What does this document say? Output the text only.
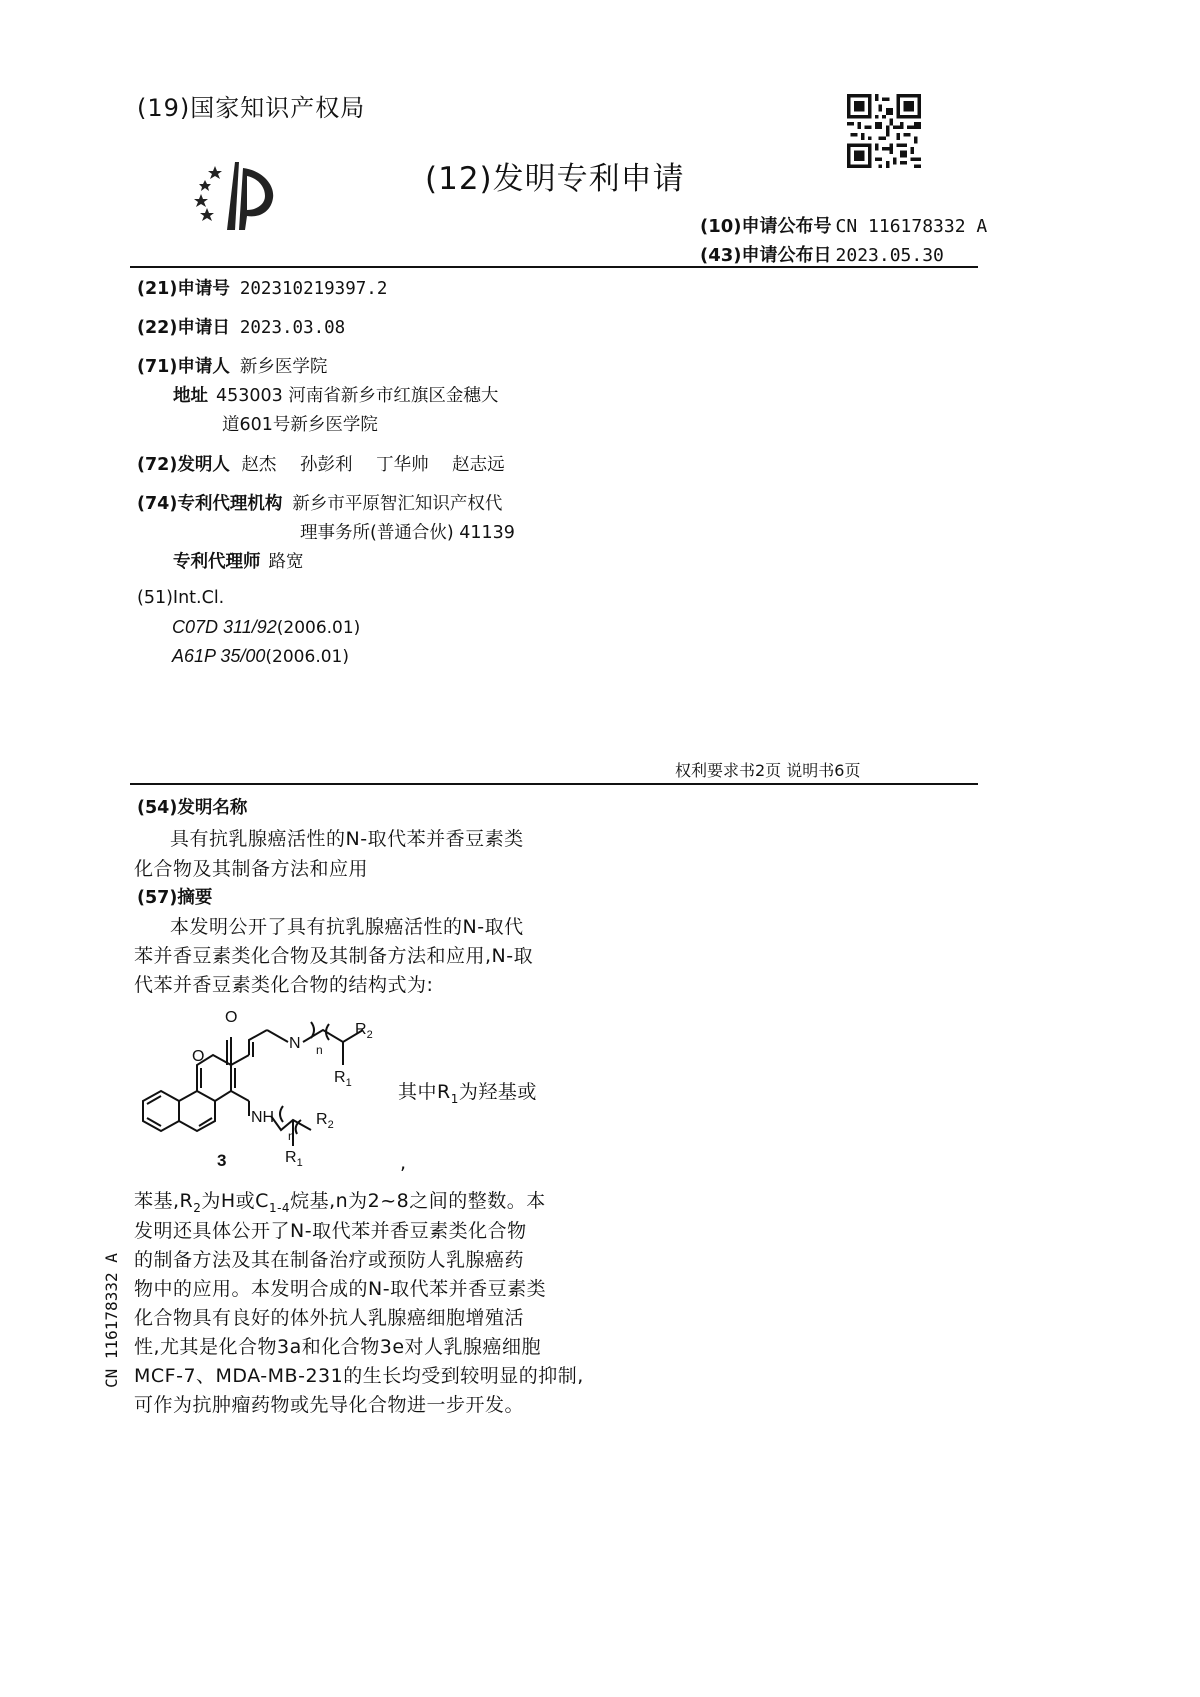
(19)国家知识产权局
(12)发明专利申请
(10)申请公布号 CN 116178332 A
(43)申请公布日 2023.05.30
(21)申请号 202310219397.2
(22)申请日 2023.03.08
(71)申请人 新乡医学院
地址 453003 河南省新乡市红旗区金穗大
道601号新乡医学院
(72)发明人 赵杰 孙彭利 丁华帅 赵志远
(74)专利代理机构 新乡市平原智汇知识产权代
理事务所(普通合伙) 41139
专利代理师 路宽
(51)Int.Cl.
C07D 311/92(2006.01)
A61P 35/00(2006.01)
权利要求书2页 说明书6页
(54)发明名称
具有抗乳腺癌活性的N-取代苯并香豆素类
化合物及其制备方法和应用
(57)摘要
本发明公开了具有抗乳腺癌活性的N-取代
苯并香豆素类化合物及其制备方法和应用,N-取
代苯并香豆素类化合物的结构式为:
O
O
N
NH
n
n
$R_2$
$R_1$
$R_2$
$R_1$
3
其中$R_1$为羟基或
,
苯基$,R_2$为H或$C_{1-4}$烷基,n为2~8之间的整数。本
发明还具体公开了N-取代苯并香豆素类化合物
的制备方法及其在制备治疗或预防人乳腺癌药
物中的应用。本发明合成的N-取代苯并香豆素类
化合物具有良好的体外抗人乳腺癌细胞增殖活
性,尤其是化合物3a和化合物3e对人乳腺癌细胞
MCF-7、MDA-MB-231的生长均受到较明显的抑制,
可作为抗肿瘤药物或先导化合物进一步开发。
CN 116178332 A
